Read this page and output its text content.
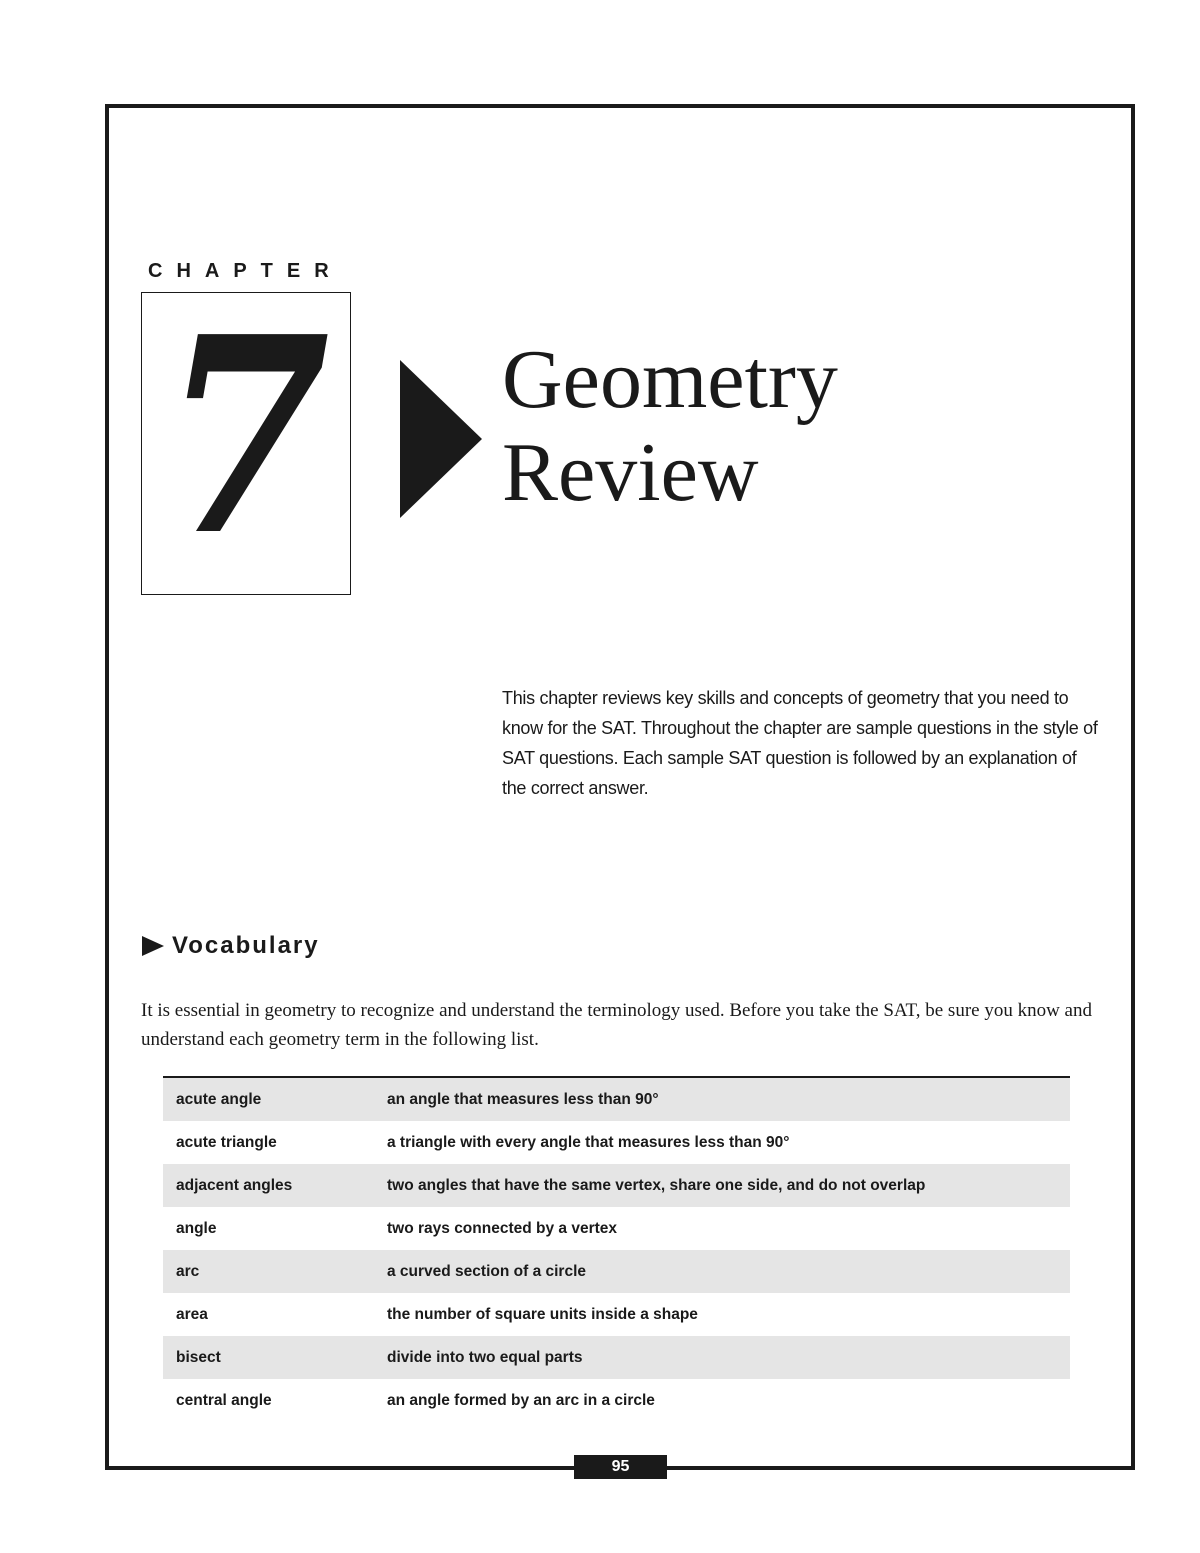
CHAPTER
7 Geometry
Review
This chapter reviews key skills and concepts of geometry that you need to know for the SAT. Throughout the chapter are sample questions in the style of SAT questions. Each sample SAT question is followed by an explanation of the correct answer.
Vocabulary
It is essential in geometry to recognize and understand the terminology used. Before you take the SAT, be sure you know and understand each geometry term in the following list.
acute angle	an angle that measures less than 90°
acute triangle	a triangle with every angle that measures less than 90°
adjacent angles	two angles that have the same vertex, share one side, and do not overlap
angle	two rays connected by a vertex
arc	a curved section of a circle
area	the number of square units inside a shape
bisect	divide into two equal parts
central angle	an angle formed by an arc in a circle
95
